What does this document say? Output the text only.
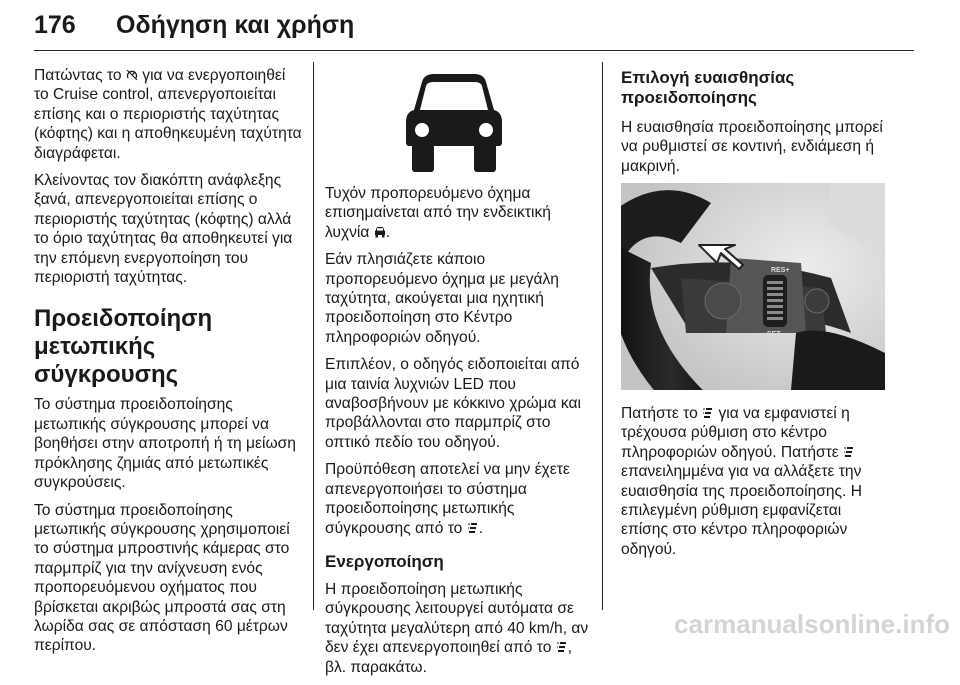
176 Οδήγηση και χρήση

Πατώντας το για να ενεργοποιηθεί το Cruise control, απενεργοποιείται επίσης και ο περιοριστής ταχύτητας (κόφτης) και η αποθηκευμένη ταχύτητα διαγράφεται.

Κλείνοντας τον διακόπτη ανάφλεξης ξανά, απενεργοποιείται επίσης ο περιοριστής ταχύτητας (κόφτης) αλλά το όριο ταχύτητας θα αποθηκευτεί για την επόμενη ενεργοποίηση του περιοριστή ταχύτητας.

Προειδοποίηση μετωπικής σύγκρουσης

Το σύστημα προειδοποίησης μετωπικής σύγκρουσης μπορεί να βοηθήσει στην αποτροπή ή τη μείωση πρόκλησης ζημιάς από μετωπικές συγκρούσεις.

Το σύστημα προειδοποίησης μετωπικής σύγκρουσης χρησιμοποιεί το σύστημα μπροστινής κάμερας στο παρμπρίζ για την ανίχνευση ενός προπορευόμενου οχήματος που βρίσκεται ακριβώς μπροστά σας στη λωρίδα σας σε απόσταση 60 μέτρων περίπου.

Τυχόν προπορευόμενο όχημα επισημαίνεται από την ενδεικτική λυχνία .

Εάν πλησιάζετε κάποιο προπορευόμενο όχημα με μεγάλη ταχύτητα, ακούγεται μια ηχητική προειδοποίηση στο Κέντρο πληροφοριών οδηγού.

Επιπλέον, ο οδηγός ειδοποιείται από μια ταινία λυχνιών LED που αναβοσβήνουν με κόκκινο χρώμα και προβάλλονται στο παρμπρίζ στο οπτικό πεδίο του οδηγού.

Προϋπόθεση αποτελεί να μην έχετε απενεργοποιήσει το σύστημα προειδοποίησης μετωπικής σύγκρουσης από το .

Ενεργοποίηση

Η προειδοποίηση μετωπικής σύγκρουσης λειτουργεί αυτόματα σε ταχύτητα μεγαλύτερη από 40 km/h, αν δεν έχει απενεργοποιηθεί από το , βλ. παρακάτω.

Επιλογή ευαισθησίας προειδοποίησης

Η ευαισθησία προειδοποίησης μπορεί να ρυθμιστεί σε κοντινή, ενδιάμεση ή μακρινή.

RES+
SET-

Πατήστε το για να εμφανιστεί η τρέχουσα ρύθμιση στο κέντρο πληροφοριών οδηγού. Πατήστε  επανειλημμένα για να αλλάξετε την ευαισθησία της προειδοποίησης. Η επιλεγμένη ρύθμιση εμφανίζεται επίσης στο κέντρο πληροφοριών οδηγού.

carmanualsonline.info
